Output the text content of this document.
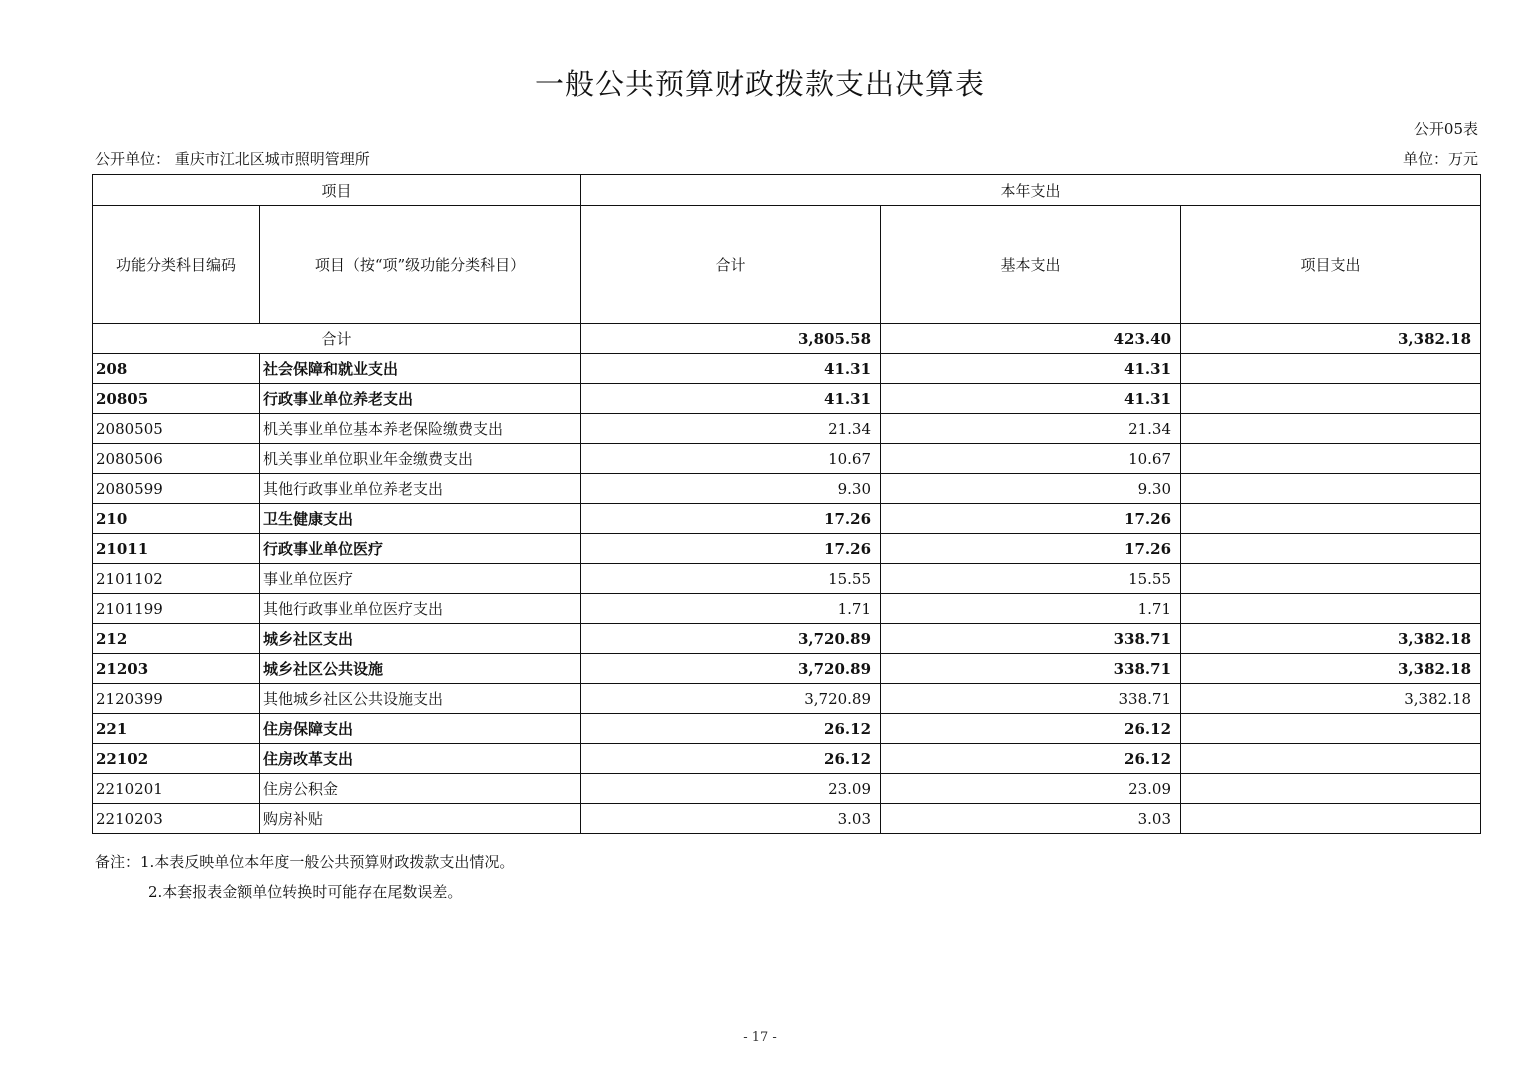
一般公共预算财政拨款支出决算表
公开05表
公开单位： 重庆市江北区城市照明管理所	单位：万元
项目		本年支出		
功能分类科目编码	项目（按“项”级功能分类科目）	合计	基本支出	项目支出
合计		3,805.58	423.40	3,382.18
208	社会保障和就业支出	41.31	41.31	
20805	行政事业单位养老支出	41.31	41.31	
2080505	机关事业单位基本养老保险缴费支出	21.34	21.34	
2080506	机关事业单位职业年金缴费支出	10.67	10.67	
2080599	其他行政事业单位养老支出	9.30	9.30	
210	卫生健康支出	17.26	17.26	
21011	行政事业单位医疗	17.26	17.26	
2101102	事业单位医疗	15.55	15.55	
2101199	其他行政事业单位医疗支出	1.71	1.71	
212	城乡社区支出	3,720.89	338.71	3,382.18
21203	城乡社区公共设施	3,720.89	338.71	3,382.18
2120399	其他城乡社区公共设施支出	3,720.89	338.71	3,382.18
221	住房保障支出	26.12	26.12	
22102	住房改革支出	26.12	26.12	
2210201	住房公积金	23.09	23.09	
2210203	购房补贴	3.03	3.03	
备注：1.本表反映单位本年度一般公共预算财政拨款支出情况。
2.本套报表金额单位转换时可能存在尾数误差。
- 17 -
